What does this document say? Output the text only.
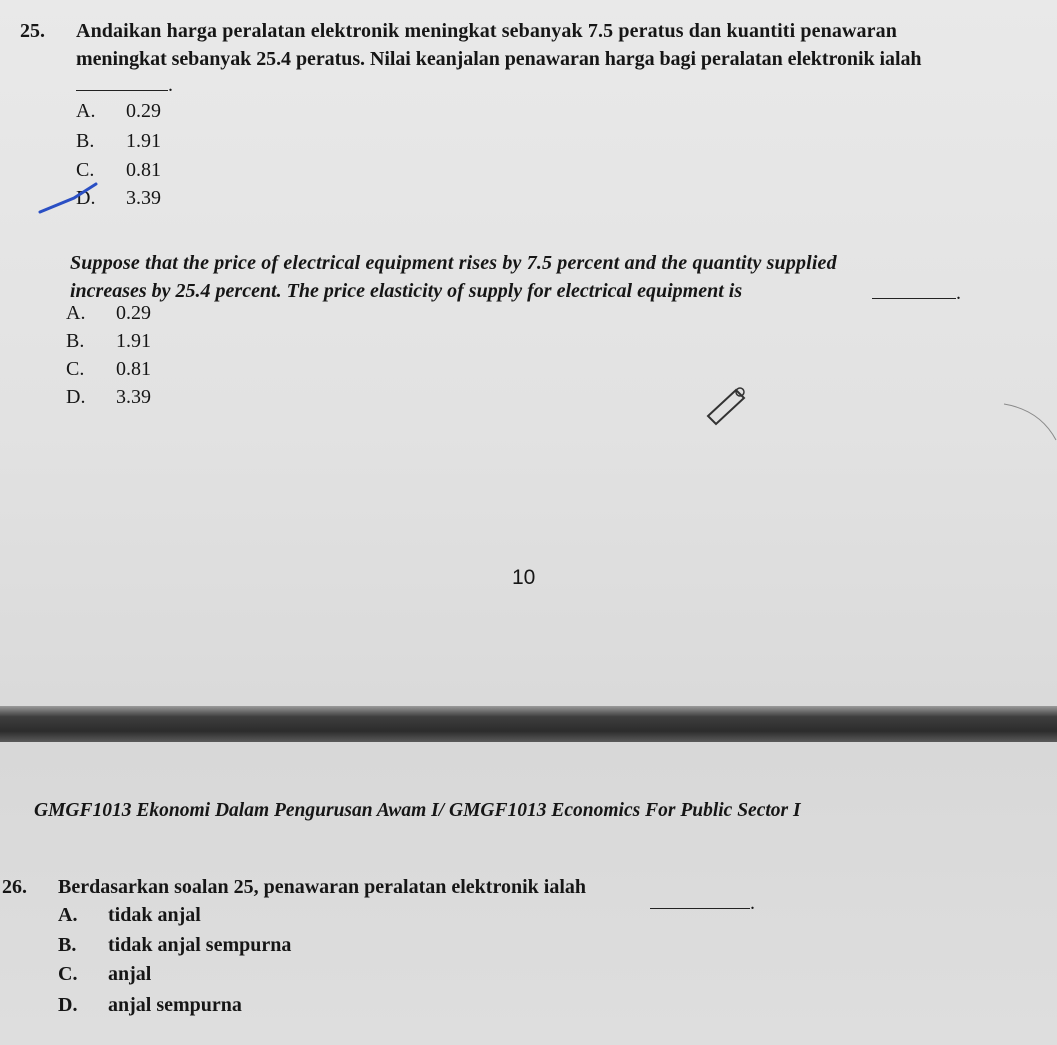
25. Andaikan harga peralatan elektronik meningkat sebanyak 7.5 peratus dan kuantiti penawaran
meningkat sebanyak 25.4 peratus. Nilai keanjalan penawaran harga bagi peralatan elektronik ialah
.
A. 0.29
B. 1.91
C. 0.81
D. 3.39
Suppose that the price of electrical equipment rises by 7.5 percent and the quantity supplied
increases by 25.4 percent. The price elasticity of supply for electrical equipment is	.
A. 0.29
B. 1.91
C. 0.81
D. 3.39
10
GMGF1013 Ekonomi Dalam Pengurusan Awam I/ GMGF1013 Economics For Public Sector I
26. Berdasarkan soalan 25, penawaran peralatan elektronik ialah
.
A. tidak anjal
B. tidak anjal sempurna
C. anjal
D. anjal sempurna
